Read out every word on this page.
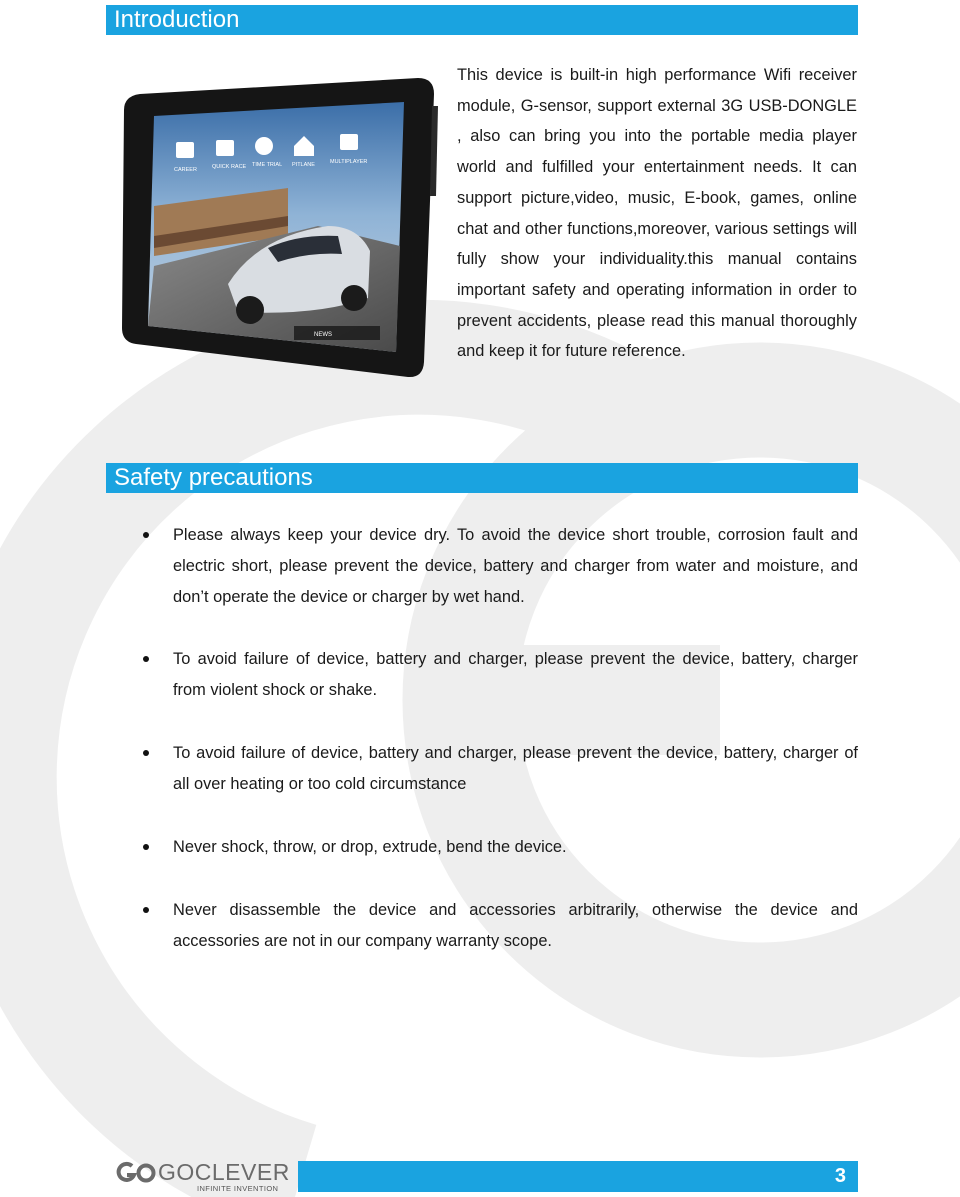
Introduction
CAREER	QUICK RACE TIME TRIAL PITLANE	MULTIPLAYER
NEWS
This device is built-in high performance Wifi receiver module, G-sensor, support external 3G USB-DONGLE , also can bring you into the portable media player world and fulfilled your entertainment needs. It can support picture,video, music, E-book, games, online chat and other functions,moreover, various settings will fully show your individuality.this manual contains important safety and operating information in order to prevent accidents, please read this manual thoroughly and keep it for future reference.
Safety precautions
Please always keep your device dry. To avoid the device short trouble, corrosion fault and electric short, please prevent the device, battery and charger from water and moisture, and don’t operate the device or charger by wet hand.
To avoid failure of device, battery and charger, please prevent the device, battery, charger from violent shock or shake.
To avoid failure of device, battery and charger, please prevent the device, battery, charger of all over heating or too cold circumstance
Never shock, throw, or drop, extrude, bend the device.
Never disassemble the device and accessories arbitrarily, otherwise the device and accessories are not in our company warranty scope.
GOCLEVER
INFINITE INVENTION
3
